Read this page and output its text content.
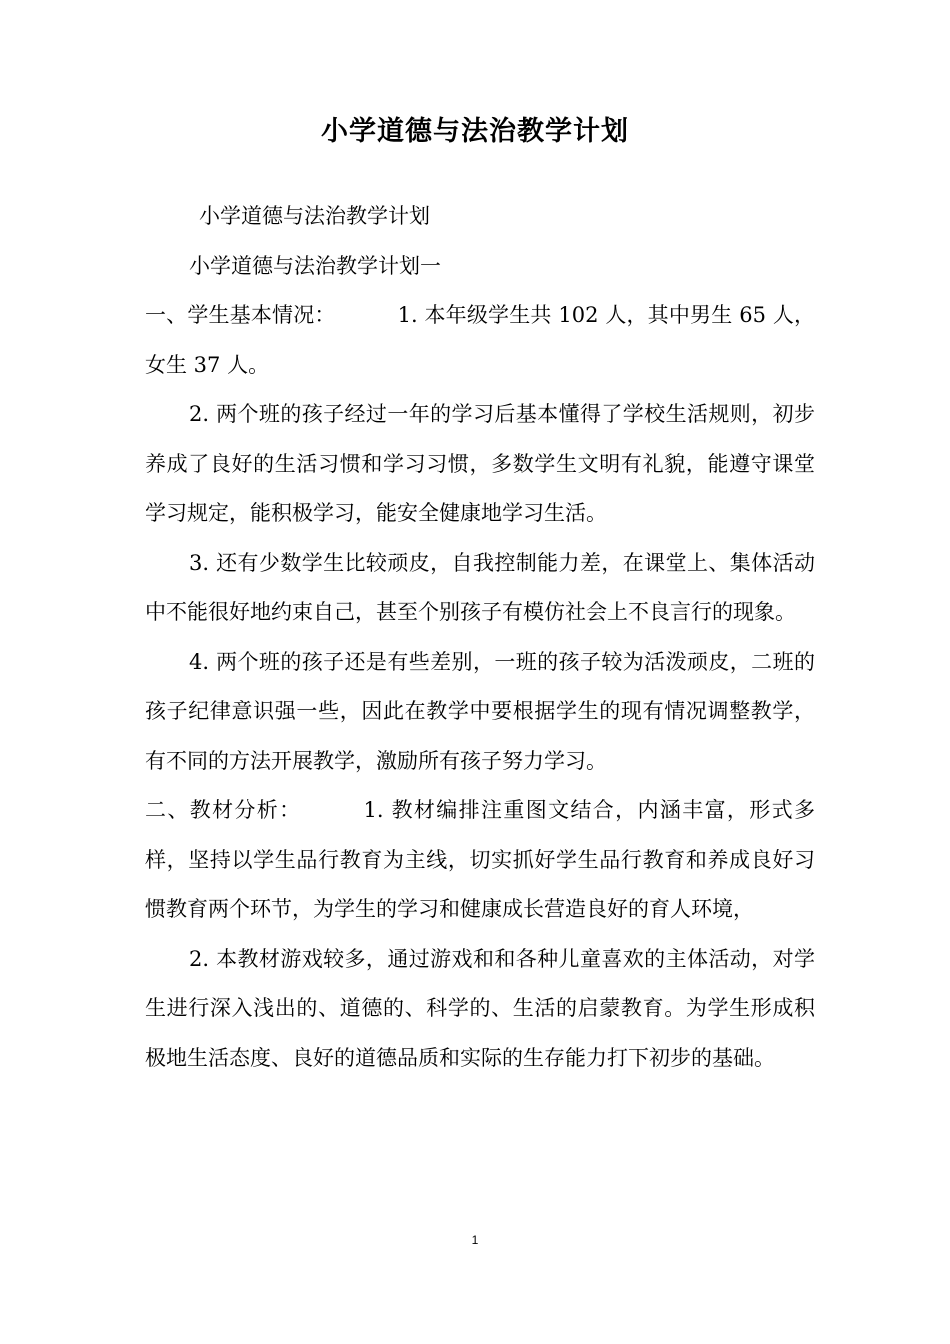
小学道德与法治教学计划

小学道德与法治教学计划

小学道德与法治教学计划一

一、学生基本情况：	1. 本年级学生共 102 人，其中男生 65 人，女生 37 人。

2. 两个班的孩子经过一年的学习后基本懂得了学校生活规则，初步养成了良好的生活习惯和学习习惯，多数学生文明有礼貌，能遵守课堂学习规定，能积极学习，能安全健康地学习生活。

3. 还有少数学生比较顽皮，自我控制能力差，在课堂上、集体活动中不能很好地约束自己，甚至个别孩子有模仿社会上不良言行的现象。

4. 两个班的孩子还是有些差别，一班的孩子较为活泼顽皮，二班的孩子纪律意识强一些，因此在教学中要根据学生的现有情况调整教学，有不同的方法开展教学，激励所有孩子努力学习。

二、教材分析：	1. 教材编排注重图文结合，内涵丰富，形式多样，坚持以学生品行教育为主线，切实抓好学生品行教育和养成良好习惯教育两个环节，为学生的学习和健康成长营造良好的育人环境，

2. 本教材游戏较多，通过游戏和和各种儿童喜欢的主体活动，对学生进行深入浅出的、道德的、科学的、生活的启蒙教育。为学生形成积极地生活态度、良好的道德品质和实际的生存能力打下初步的基础。

1
